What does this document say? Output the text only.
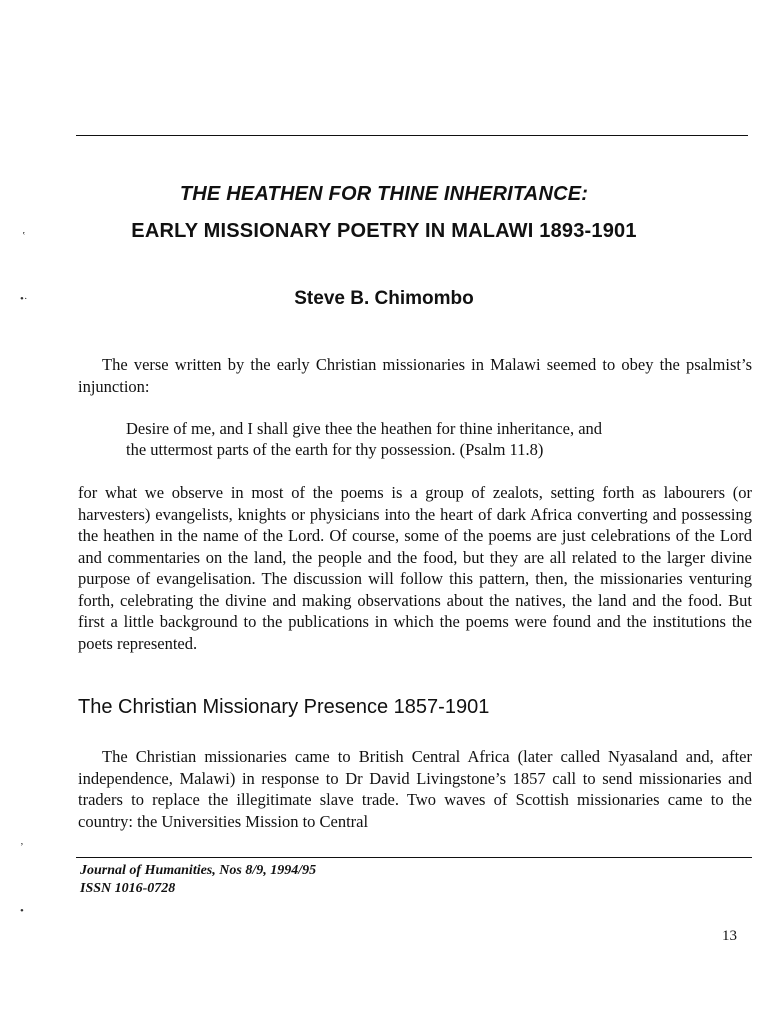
‛
•·
ʼ
•
THE HEATHEN FOR THINE INHERITANCE:
EARLY MISSIONARY POETRY IN MALAWI 1893-1901
Steve B. Chimombo

The verse written by the early Christian missionaries in Malawi seemed to obey the psalmist’s injunction:

Desire of me, and I shall give thee the heathen for thine inheritance, and

the uttermost parts of the earth for thy possession. (Psalm 11.8)

for what we observe in most of the poems is a group of zealots, setting forth as labourers (or harvesters) evangelists, knights or physicians into the heart of dark Africa converting and possessing the heathen in the name of the Lord. Of course, some of the poems are just celebrations of the Lord and commentaries on the land, the people and the food, but they are all related to the larger divine purpose of evangelisation. The discussion will follow this pattern, then, the missionaries venturing forth, celebrating the divine and making observations about the natives, the land and the food. But first a little background to the publications in which the poems were found and the institutions the poets represented.

The Christian Missionary Presence 1857-1901

The Christian missionaries came to British Central Africa (later called Nyasaland and, after independence, Malawi) in response to Dr David Livingstone’s 1857 call to send missionaries and traders to replace the illegitimate slave trade. Two waves of Scottish missionaries came to the country: the Universities Mission to Central

Journal of Humanities, Nos 8/9, 1994/95
ISSN 1016-0728
13
